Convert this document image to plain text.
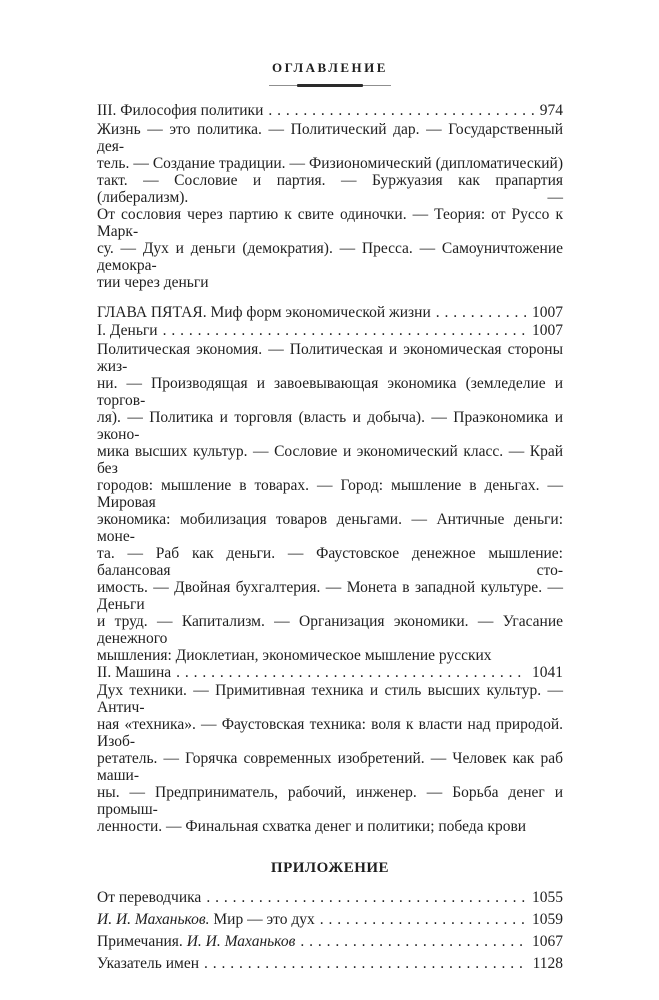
ОГЛАВЛЕНИЕ
III. Философия политики . . .	974
Жизнь — это политика. — Политический дар. — Государственный дея-
тель. — Создание традиции. — Физиономический (дипломатический)
такт. — Сословие и партия. — Буржуазия как прапартия (либерализм). —
От сословия через партию к свите одиночки. — Теория: от Руссо к Марк-
су. — Дух и деньги (демократия). — Пресса. — Самоуничтожение демокра-
тии через деньги
ГЛАВА ПЯТАЯ. Миф форм экономической жизни . . .	1007
I. Деньги . . .	1007
Политическая экономия. — Политическая и экономическая стороны жиз-
ни. — Производящая и завоевывающая экономика (земледелие и торгов-
ля). — Политика и торговля (власть и добыча). — Праэкономика и эконо-
мика высших культур. — Сословие и экономический класс. — Край без
городов: мышление в товарах. — Город: мышление в деньгах. — Мировая
экономика: мобилизация товаров деньгами. — Античные деньги: моне-
та. — Раб как деньги. — Фаустовское денежное мышление: балансовая сто-
имость. — Двойная бухгалтерия. — Монета в западной культуре. — Деньги
и труд. — Капитализм. — Организация экономики. — Угасание денежного
мышления: Диоклетиан, экономическое мышление русских
II. Машина . . .	1041
Дух техники. — Примитивная техника и стиль высших культур. — Антич-
ная «техника». — Фаустовская техника: воля к власти над природой. Изоб-
ретатель. — Горячка современных изобретений. — Человек как раб маши-
ны. — Предприниматель, рабочий, инженер. — Борьба денег и промыш-
ленности. — Финальная схватка денег и политики; победа крови
ПРИЛОЖЕНИЕ
От переводчика . . .	1055
И. И. Маханьков. Мир — это дух . . .	1059
Примечания. И. И. Маханьков . . .	1067
Указатель имен . . .	1128
